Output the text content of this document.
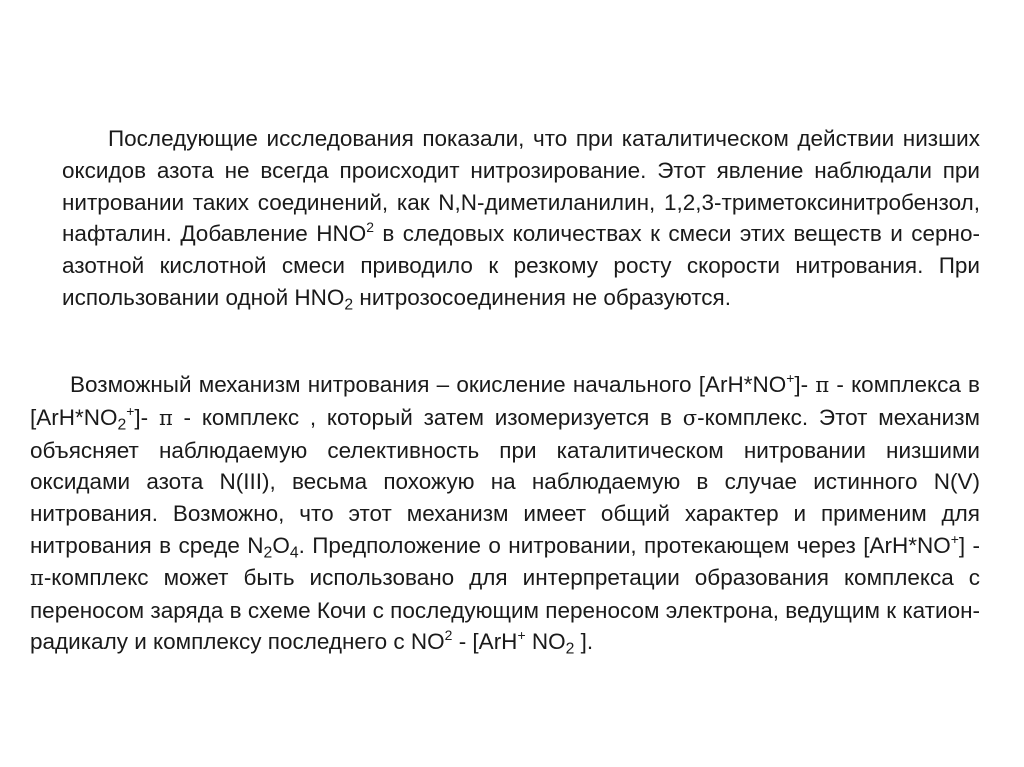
Последующие исследования показали, что при каталитическом действии низших оксидов азота не всегда происходит нитрозирование. Этот явление наблюдали при нитровании таких соединений, как N,N-диметиланилин, 1,2,3-триметоксинитробензол, нафталин. Добавление HNO$^2$ в следовых количествах к смеси этих веществ и серно-азотной кислотной смеси приводило к резкому росту скорости нитрования. При использовании одной $HNO_2$ нитрозосоединения не образуются.

Возможный механизм нитрования – окисление начального [ArH*NO+]- π - комплекса в $[ArH*NO_2^+]-$ π - комплекс , который затем изомеризуется в σ-комплекс. Этот механизм объясняет наблюдаемую селективность при каталитическом нитровании низшими оксидами азота N(III), весьма похожую на наблюдаемую в случае истинного N(V) нитрования. Возможно, что этот механизм имеет общий характер и применим для нитрования в среде $N_2O_4$. Предположение о нитровании, протекающем через [ArH*NO+] - π-комплекс может быть использовано для интерпретации образования комплекса с переносом заряда в схеме Кочи с последующим переносом электрона, ведущим к катион-радикалу и комплексу последнего с $NO^2 - [ArH^+$ $NO_2$ ].
